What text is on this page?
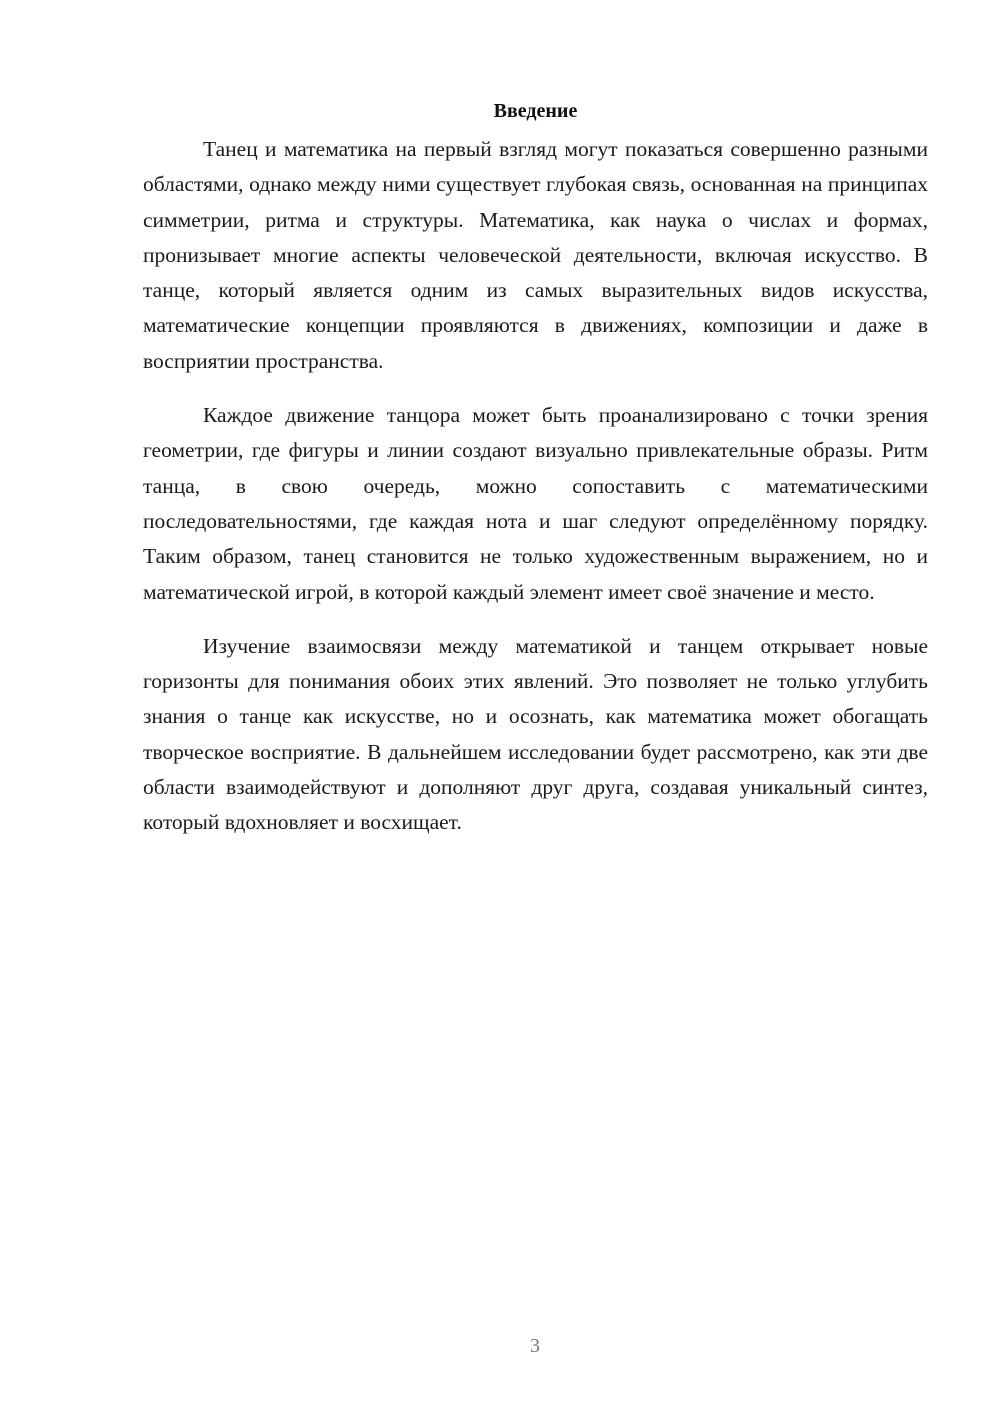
Введение

Танец и математика на первый взгляд могут показаться совершенно разными областями, однако между ними существует глубокая связь, основанная на принципах симметрии, ритма и структуры. Математика, как наука о числах и формах, пронизывает многие аспекты человеческой деятельности, включая искусство. В танце, который является одним из самых выразительных видов искусства, математические концепции проявляются в движениях, композиции и даже в восприятии пространства.

Каждое движение танцора может быть проанализировано с точки зрения геометрии, где фигуры и линии создают визуально привлекательные образы. Ритм танца, в свою очередь, можно сопоставить с математическими последовательностями, где каждая нота и шаг следуют определённому порядку. Таким образом, танец становится не только художественным выражением, но и математической игрой, в которой каждый элемент имеет своё значение и место.

Изучение взаимосвязи между математикой и танцем открывает новые горизонты для понимания обоих этих явлений. Это позволяет не только углубить знания о танце как искусстве, но и осознать, как математика может обогащать творческое восприятие. В дальнейшем исследовании будет рассмотрено, как эти две области взаимодействуют и дополняют друг друга, создавая уникальный синтез, который вдохновляет и восхищает.

3
